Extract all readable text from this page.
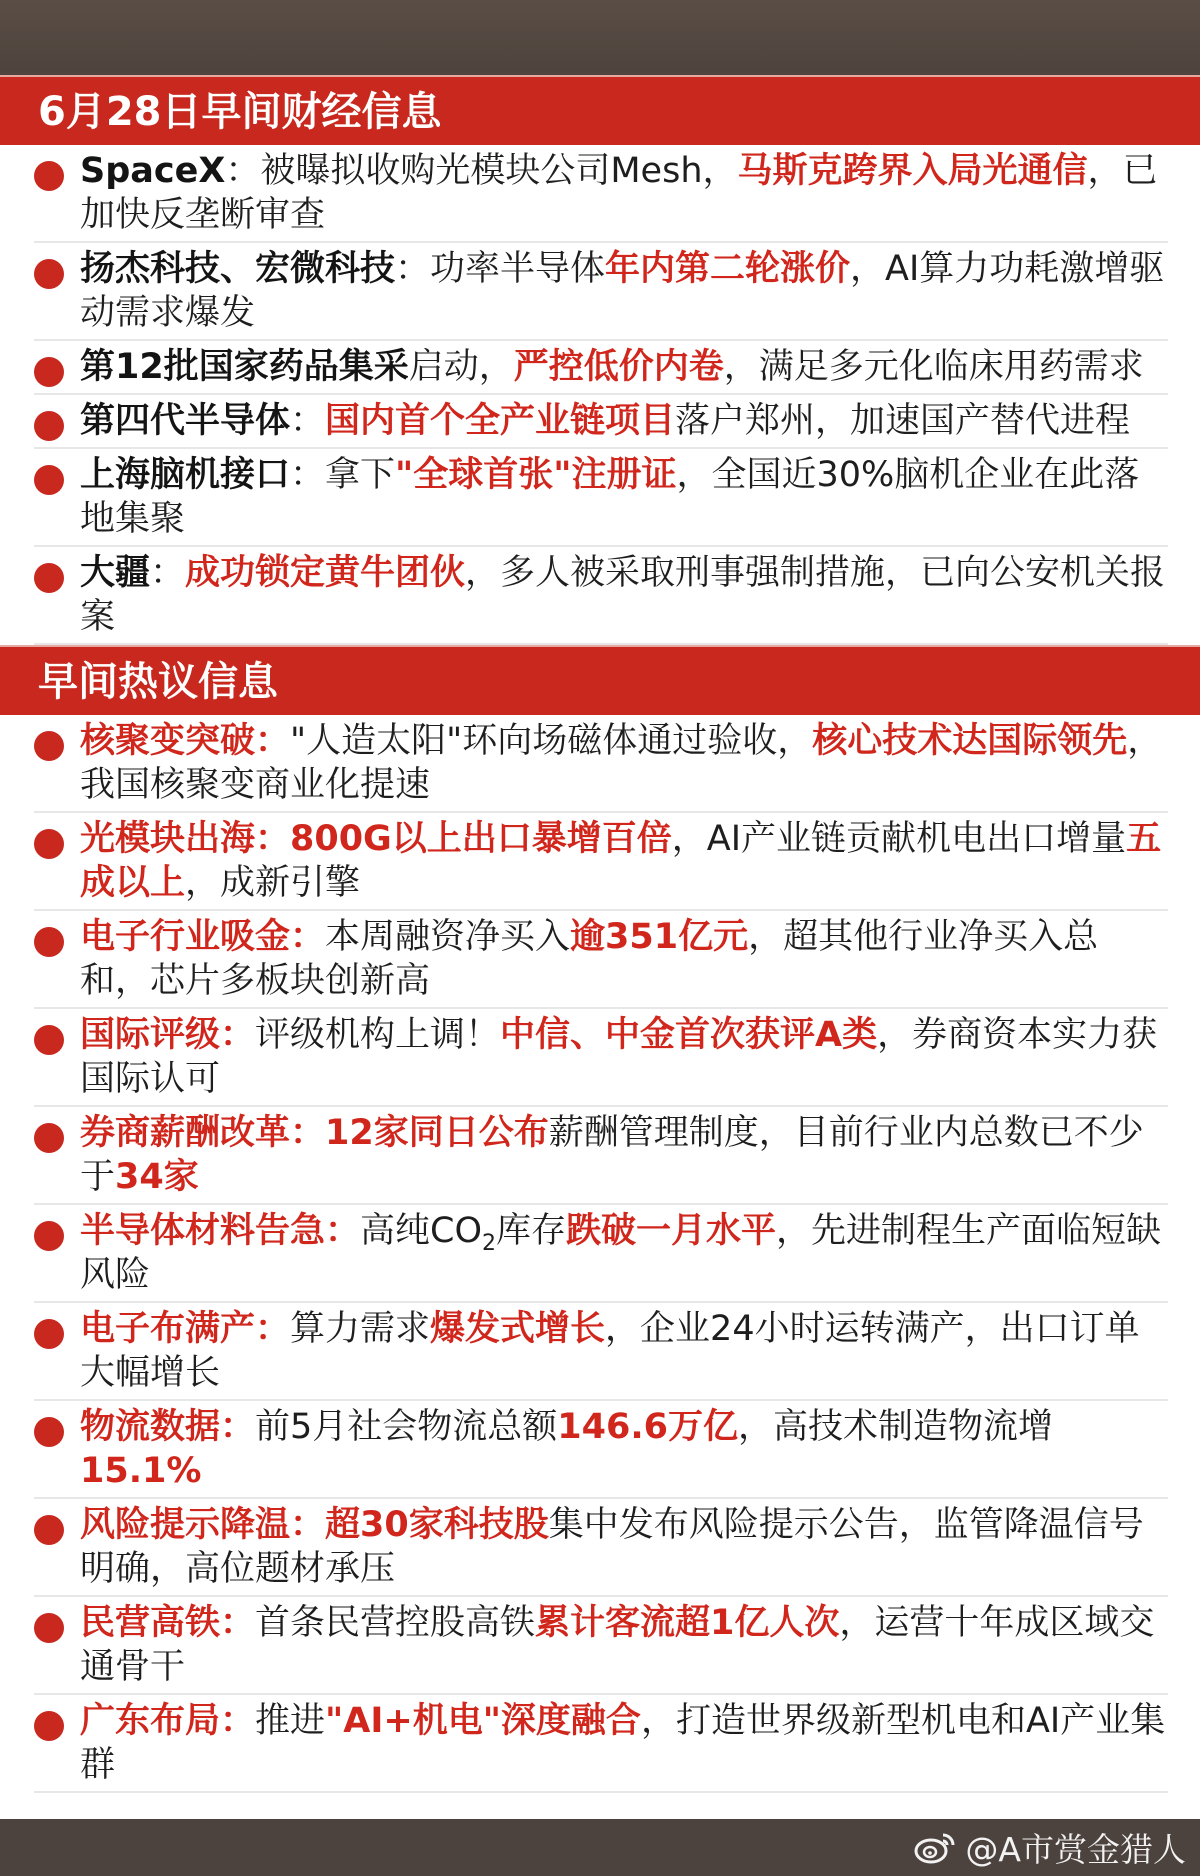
6月28日早间财经信息
SpaceX：被曝拟收购光模块公司Mesh，马斯克跨界入局光通信，已加快反垄断审查
扬杰科技、宏微科技：功率半导体年内第二轮涨价，AI算力功耗激增驱动需求爆发
第12批国家药品集采启动，严控低价内卷，满足多元化临床用药需求
第四代半导体：国内首个全产业链项目落户郑州，加速国产替代进程
上海脑机接口：拿下"全球首张"注册证，全国近30%脑机企业在此落地集聚
大疆：成功锁定黄牛团伙，多人被采取刑事强制措施，已向公安机关报案
早间热议信息
核聚变突破："人造太阳"环向场磁体通过验收，核心技术达国际领先，我国核聚变商业化提速
光模块出海：800G以上出口暴增百倍，AI产业链贡献机电出口增量五成以上，成新引擎
电子行业吸金：本周融资净买入逾351亿元，超其他行业净买入总和，芯片多板块创新高
国际评级：评级机构上调！中信、中金首次获评A类，券商资本实力获国际认可
券商薪酬改革：12家同日公布薪酬管理制度，目前行业内总数已不少于34家
半导体材料告急：高纯$CO_2$库存跌破一月水平，先进制程生产面临短缺风险
电子布满产：算力需求爆发式增长，企业24小时运转满产，出口订单大幅增长
物流数据：前5月社会物流总额146.6万亿，高技术制造物流增15.1%
风险提示降温：超30家科技股集中发布风险提示公告，监管降温信号明确，高位题材承压
民营高铁：首条民营控股高铁累计客流超1亿人次，运营十年成区域交通骨干
广东布局：推进"AI+机电"深度融合，打造世界级新型机电和AI产业集群
@A市赏金猎人
